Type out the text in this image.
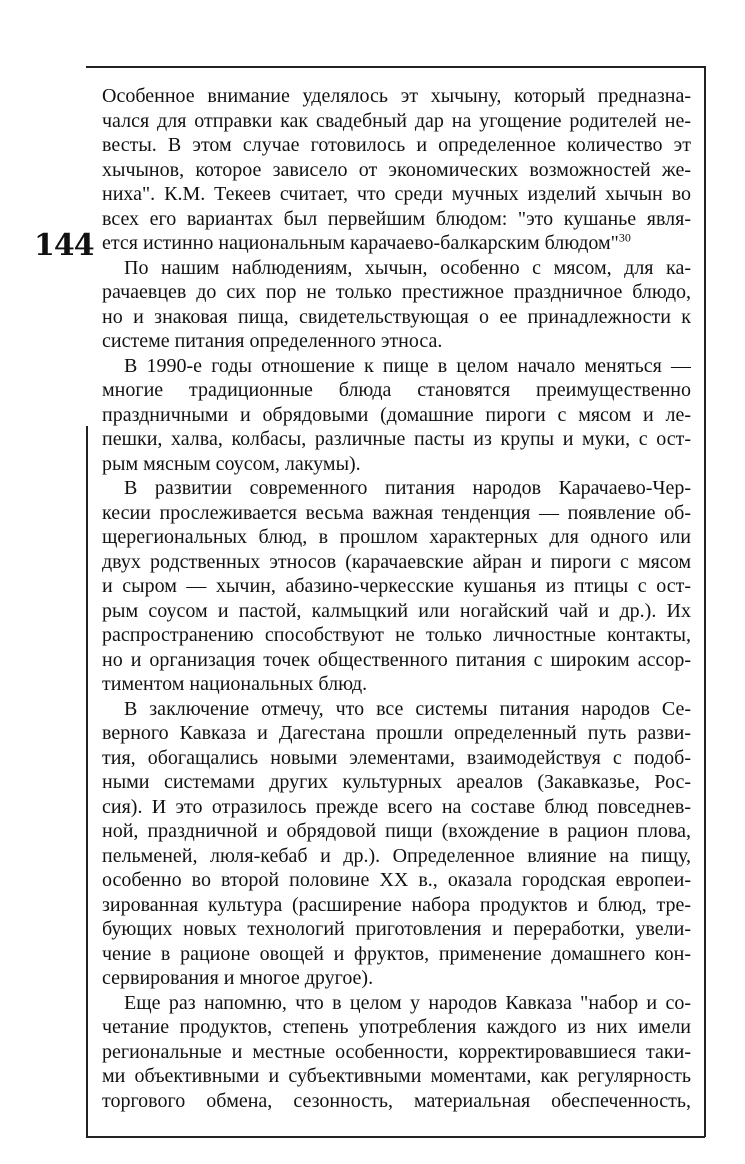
144
Особенное внимание уделялось эт хычыну, который предназна-
чался для отправки как свадебный дар на угощение родителей не-
весты. В этом случае готовилось и определенное количество эт
хычынов, которое зависело от экономических возможностей же-
ниха". К.М. Текеев считает, что среди мучных изделий хычын во
всех его вариантах был первейшим блюдом: "это кушанье явля-
ется истинно национальным карачаево-балкарским блюдом"$^{30}$
По нашим наблюдениям, хычын, особенно с мясом, для ка-
рачаевцев до сих пор не только престижное праздничное блюдо,
но и знаковая пища, свидетельствующая о ее принадлежности к
системе питания определенного этноса.
В 1990-е годы отношение к пище в целом начало меняться —
многие традиционные блюда становятся преимущественно
праздничными и обрядовыми (домашние пироги с мясом и ле-
пешки, халва, колбасы, различные пасты из крупы и муки, с ост-
рым мясным соусом, лакумы).
В развитии современного питания народов Карачаево-Чер-
кесии прослеживается весьма важная тенденция — появление об-
щерегиональных блюд, в прошлом характерных для одного или
двух родственных этносов (карачаевские айран и пироги с мясом
и сыром — хычин, абазино-черкесские кушанья из птицы с ост-
рым соусом и пастой, калмыцкий или ногайский чай и др.). Их
распространению способствуют не только личностные контакты,
но и организация точек общественного питания с широким ассор-
тиментом национальных блюд.
В заключение отмечу, что все системы питания народов Се-
верного Кавказа и Дагестана прошли определенный путь разви-
тия, обогащались новыми элементами, взаимодействуя с подоб-
ными системами других культурных ареалов (Закавказье, Рос-
сия). И это отразилось прежде всего на составе блюд повседнев-
ной, праздничной и обрядовой пищи (вхождение в рацион плова,
пельменей, люля-кебаб и др.). Определенное влияние на пищу,
особенно во второй половине XX в., оказала городская европеи-
зированная культура (расширение набора продуктов и блюд, тре-
бующих новых технологий приготовления и переработки, увели-
чение в рационе овощей и фруктов, применение домашнего кон-
сервирования и многое другое).
Еще раз напомню, что в целом у народов Кавказа "набор и со-
четание продуктов, степень употребления каждого из них имели
региональные и местные особенности, корректировавшиеся таки-
ми объективными и субъективными моментами, как регулярность
торгового обмена, сезонность, материальная обеспеченность,
